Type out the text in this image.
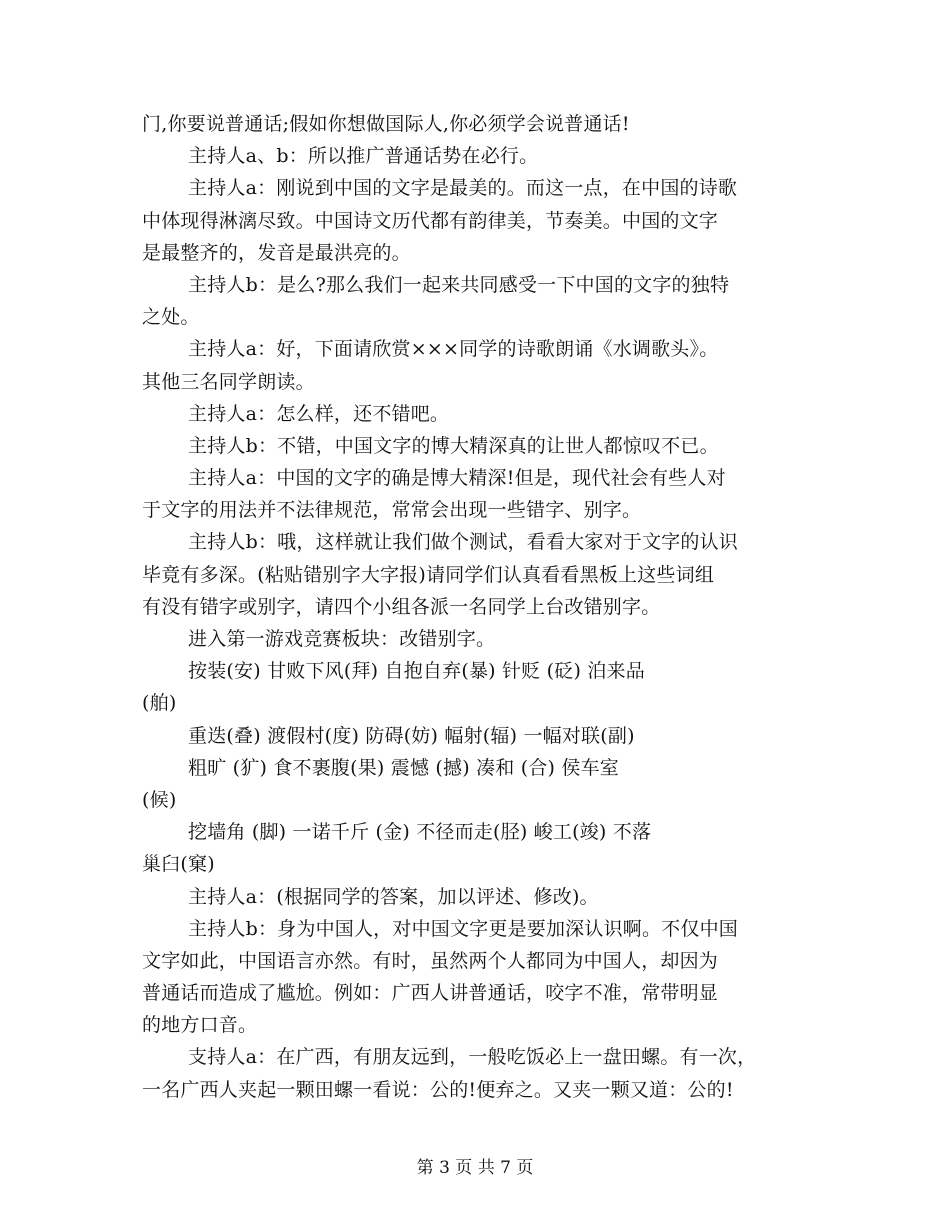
门,你要说普通话;假如你想做国际人,你必须学会说普通话!
主持人a、b：所以推广普通话势在必行。
主持人a：刚说到中国的文字是最美的。而这一点，在中国的诗歌
中体现得淋漓尽致。中国诗文历代都有韵律美，节奏美。中国的文字
是最整齐的，发音是最洪亮的。
主持人b：是么?那么我们一起来共同感受一下中国的文字的独特
之处。
主持人a：好，下面请欣赏×××同学的诗歌朗诵《水调歌头》。
其他三名同学朗读。
主持人a：怎么样，还不错吧。
主持人b：不错，中国文字的博大精深真的让世人都惊叹不已。
主持人a：中国的文字的确是博大精深!但是，现代社会有些人对
于文字的用法并不法律规范，常常会出现一些错字、别字。
主持人b：哦，这样就让我们做个测试，看看大家对于文字的认识
毕竟有多深。(粘贴错别字大字报)请同学们认真看看黑板上这些词组
有没有错字或别字，请四个小组各派一名同学上台改错别字。
进入第一游戏竞赛板块：改错别字。
按装(安) 甘败下风(拜) 自抱自弃(暴) 针贬 (砭) 泊来品
(舶)
重迭(叠) 渡假村(度) 防碍(妨) 幅射(辐) 一幅对联(副)
粗旷 (犷) 食不裹腹(果) 震憾 (撼) 凑和 (合) 侯车室
(候)
挖墙角 (脚) 一诺千斤 (金) 不径而走(胫) 峻工(竣) 不落
巢臼(窠)
主持人a：(根据同学的答案，加以评述、修改)。
主持人b：身为中国人，对中国文字更是要加深认识啊。不仅中国
文字如此，中国语言亦然。有时，虽然两个人都同为中国人，却因为
普通话而造成了尴尬。例如：广西人讲普通话，咬字不准，常带明显
的地方口音。
支持人a：在广西，有朋友远到，一般吃饭必上一盘田螺。有一次，
一名广西人夹起一颗田螺一看说：公的!便弃之。又夹一颗又道：公的!
第 3 页 共 7 页
